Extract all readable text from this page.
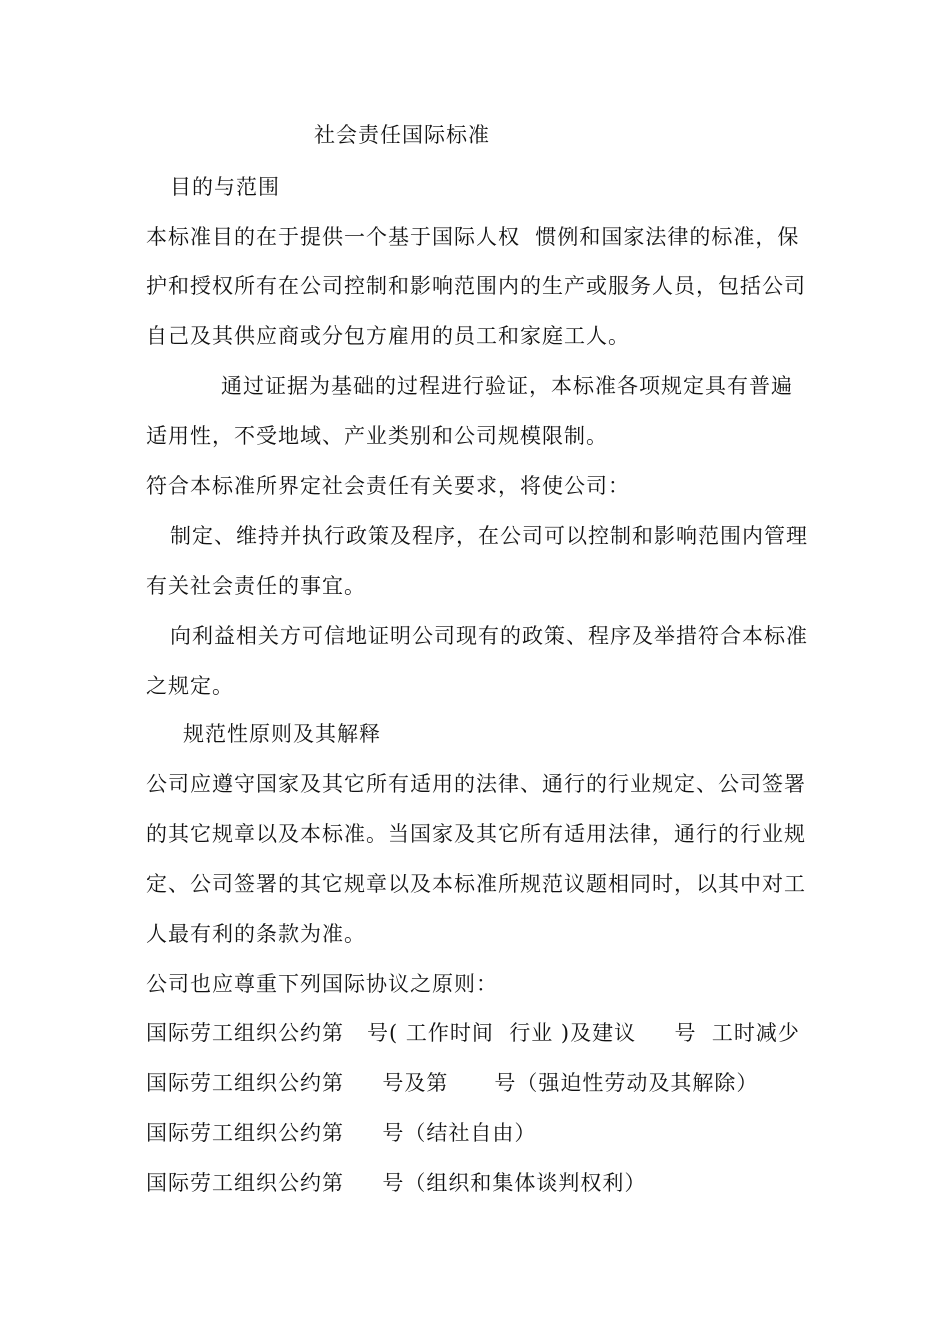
社会责任国际标准
目的与范围
本标准目的在于提供一个基于国际人权  惯例和国家法律的标准，保
护和授权所有在公司控制和影响范围内的生产或服务人员，包括公司
自己及其供应商或分包方雇用的员工和家庭工人。
通过证据为基础的过程进行验证，本标准各项规定具有普遍
适用性，不受地域、产业类别和公司规模限制。
符合本标准所界定社会责任有关要求，将使公司：
制定、维持并执行政策及程序，在公司可以控制和影响范围内管理
有关社会责任的事宜。
向利益相关方可信地证明公司现有的政策、程序及举措符合本标准
之规定。
规范性原则及其解释
公司应遵守国家及其它所有适用的法律、通行的行业规定、公司签署
的其它规章以及本标准。当国家及其它所有适用法律，通行的行业规
定、公司签署的其它规章以及本标准所规范议题相同时，以其中对工
人最有利的条款为准。
公司也应尊重下列国际协议之原则：
国际劳工组织公约第   号( 工作时间  行业 )及建议     号  工时减少
国际劳工组织公约第     号及第      号（强迫性劳动及其解除）
国际劳工组织公约第     号（结社自由）
国际劳工组织公约第     号（组织和集体谈判权利）
